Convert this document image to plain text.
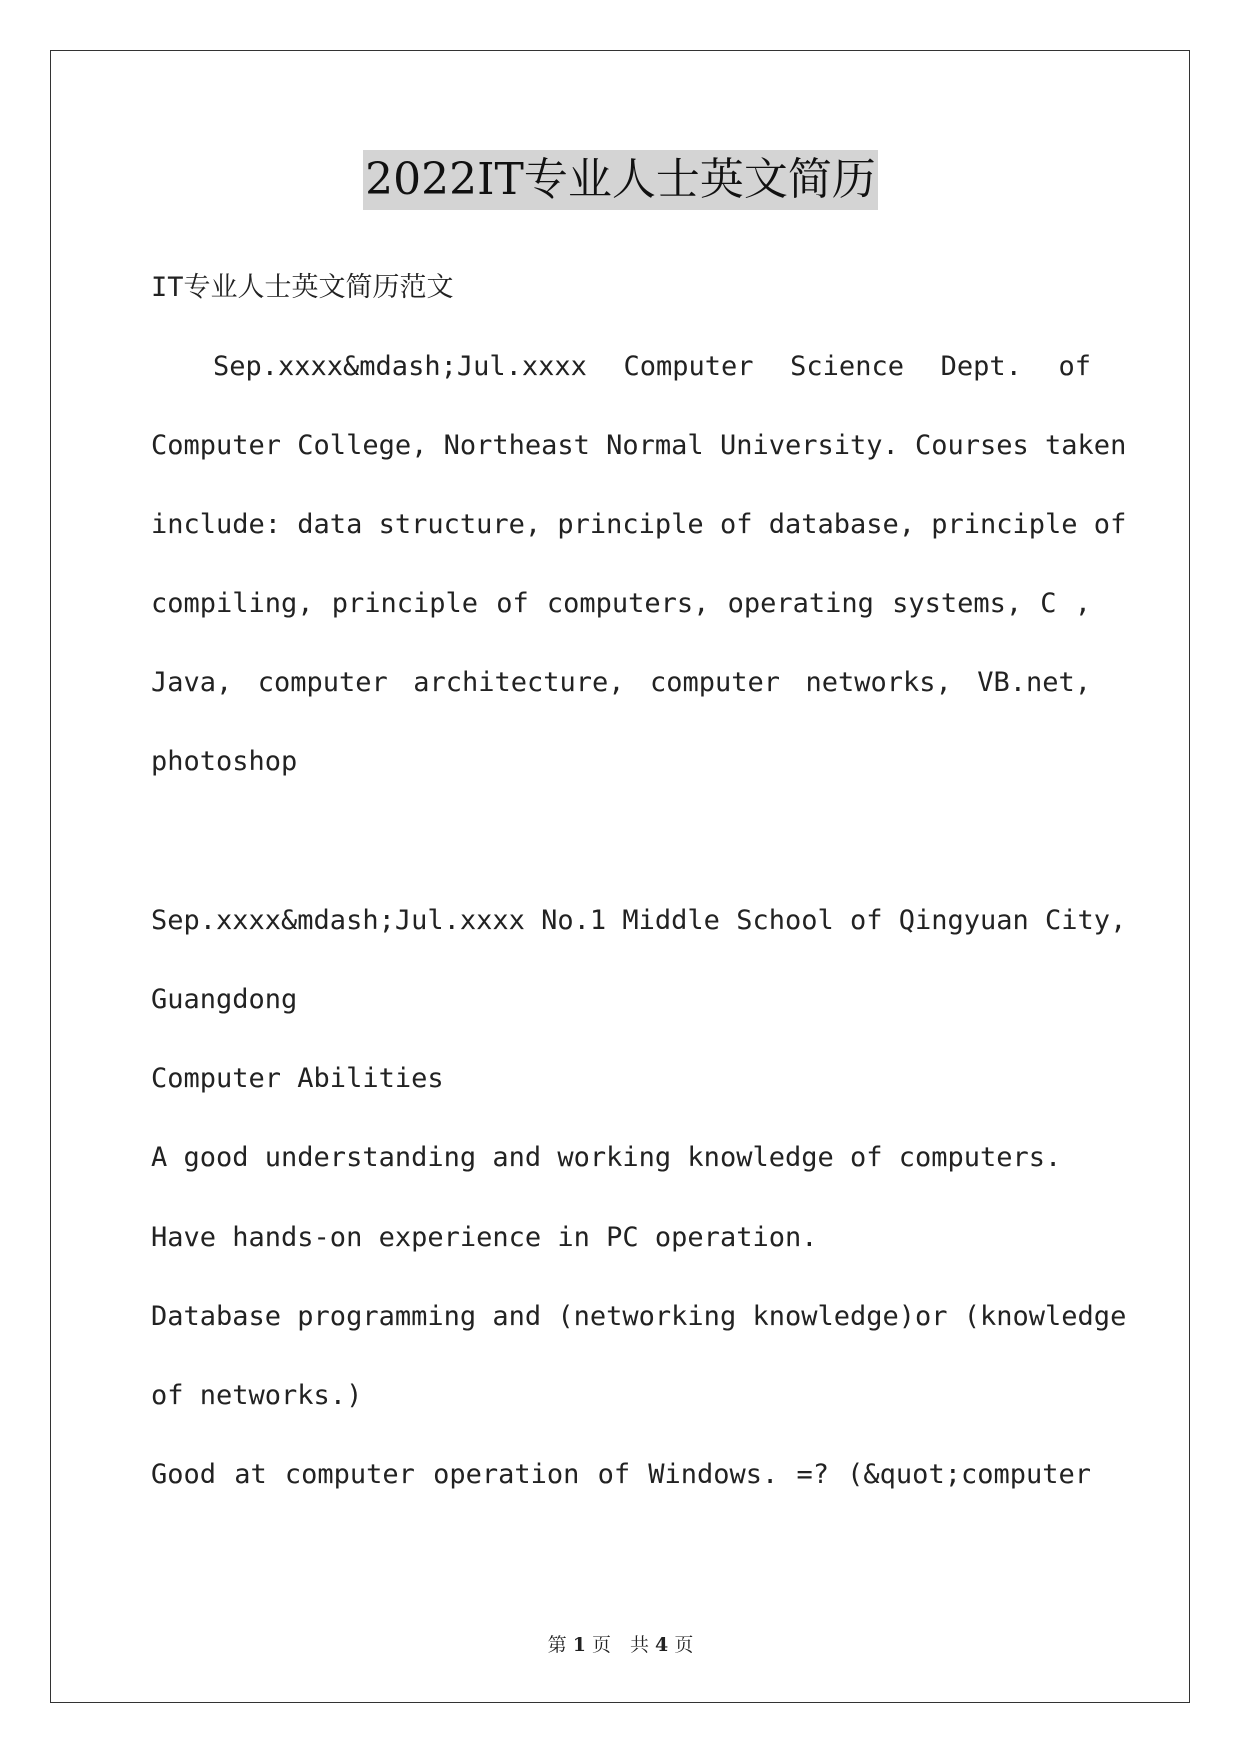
2022IT专业人士英文简历
IT专业人士英文简历范文
Sep.xxxx&mdash;Jul.xxxx Computer Science Dept. of
Computer College, Northeast Normal University. Courses taken
include: data structure, principle of database, principle of
compiling, principle of computers, operating systems, C ,
Java, computer architecture, computer networks, VB.net,
photoshop
Sep.xxxx&mdash;Jul.xxxx No.1 Middle School of Qingyuan City,
Guangdong
Computer Abilities
A good understanding and working knowledge of computers.
Have hands-on experience in PC operation.
Database programming and (networking knowledge)or (knowledge
of networks.)
Good at computer operation of Windows. =? (&quot;computer
第 1 页　共 4 页
